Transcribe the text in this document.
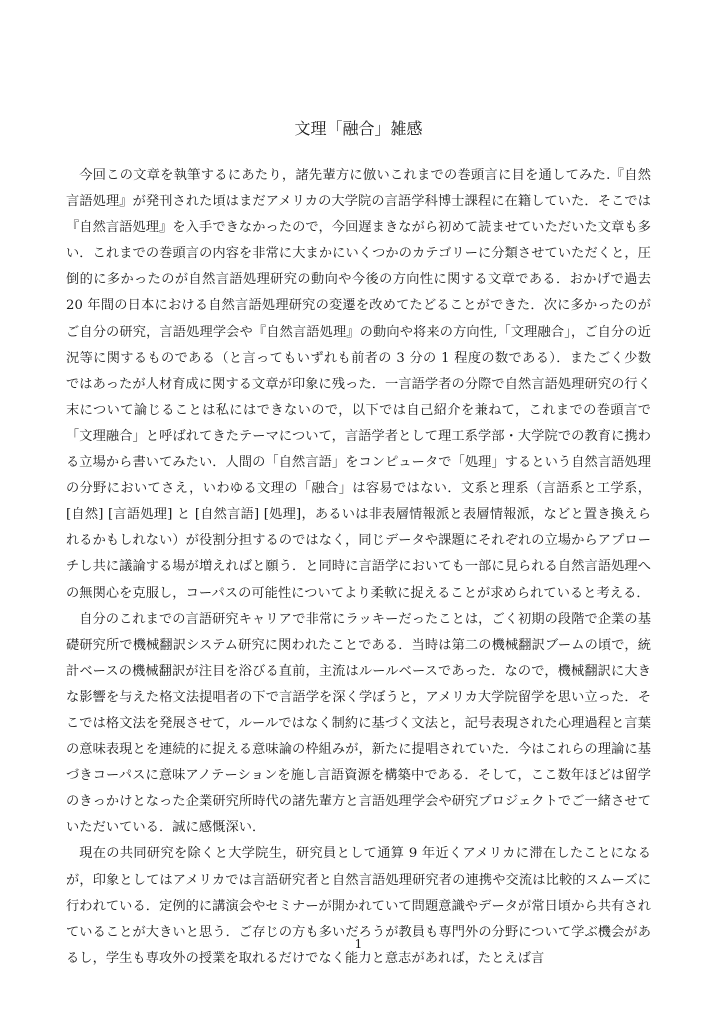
文理「融合」雑感

今回この文章を執筆するにあたり，諸先輩方に倣いこれまでの巻頭言に目を通してみた.『自然言語処理』が発刊された頃はまだアメリカの大学院の言語学科博士課程に在籍していた．そこでは『自然言語処理』を入手できなかったので，今回遅まきながら初めて読ませていただいた文章も多い．これまでの巻頭言の内容を非常に大まかにいくつかのカテゴリーに分類させていただくと，圧倒的に多かったのが自然言語処理研究の動向や今後の方向性に関する文章である．おかげで過去 20 年間の日本における自然言語処理研究の変遷を改めてたどることができた．次に多かったのがご自分の研究，言語処理学会や『自然言語処理』の動向や将来の方向性,「文理融合」，ご自分の近況等に関するものである（と言ってもいずれも前者の 3 分の 1 程度の数である）．またごく少数ではあったが人材育成に関する文章が印象に残った．一言語学者の分際で自然言語処理研究の行く末について論じることは私にはできないので，以下では自己紹介を兼ねて，これまでの巻頭言で「文理融合」と呼ばれてきたテーマについて，言語学者として理工系学部・大学院での教育に携わる立場から書いてみたい．人間の「自然言語」をコンピュータで「処理」するという自然言語処理の分野においてさえ，いわゆる文理の「融合」は容易ではない．文系と理系（言語系と工学系，[自然] [言語処理] と [自然言語] [処理]，あるいは非表層情報派と表層情報派，などと置き換えられるかもしれない）が役割分担するのではなく，同じデータや課題にそれぞれの立場からアプローチし共に議論する場が増えればと願う．と同時に言語学においても一部に見られる自然言語処理への無関心を克服し，コーパスの可能性についてより柔軟に捉えることが求められていると考える．

自分のこれまでの言語研究キャリアで非常にラッキーだったことは，ごく初期の段階で企業の基礎研究所で機械翻訳システム研究に関われたことである．当時は第二の機械翻訳ブームの頃で，統計ベースの機械翻訳が注目を浴びる直前，主流はルールベースであった．なので，機械翻訳に大きな影響を与えた格文法提唱者の下で言語学を深く学ぼうと，アメリカ大学院留学を思い立った．そこでは格文法を発展させて，ルールではなく制約に基づく文法と，記号表現された心理過程と言葉の意味表現とを連続的に捉える意味論の枠組みが，新たに提唱されていた．今はこれらの理論に基づきコーパスに意味アノテーションを施し言語資源を構築中である．そして，ここ数年ほどは留学のきっかけとなった企業研究所時代の諸先輩方と言語処理学会や研究プロジェクトでご一緒させていただいている．誠に感慨深い．

現在の共同研究を除くと大学院生，研究員として通算 9 年近くアメリカに滞在したことになるが，印象としてはアメリカでは言語研究者と自然言語処理研究者の連携や交流は比較的スムーズに行われている．定例的に講演会やセミナーが開かれていて問題意識やデータが常日頃から共有されていることが大きいと思う．ご存じの方も多いだろうが教員も専門外の分野について学ぶ機会があるし，学生も専攻外の授業を取れるだけでなく能力と意志があれば，たとえば言

1
